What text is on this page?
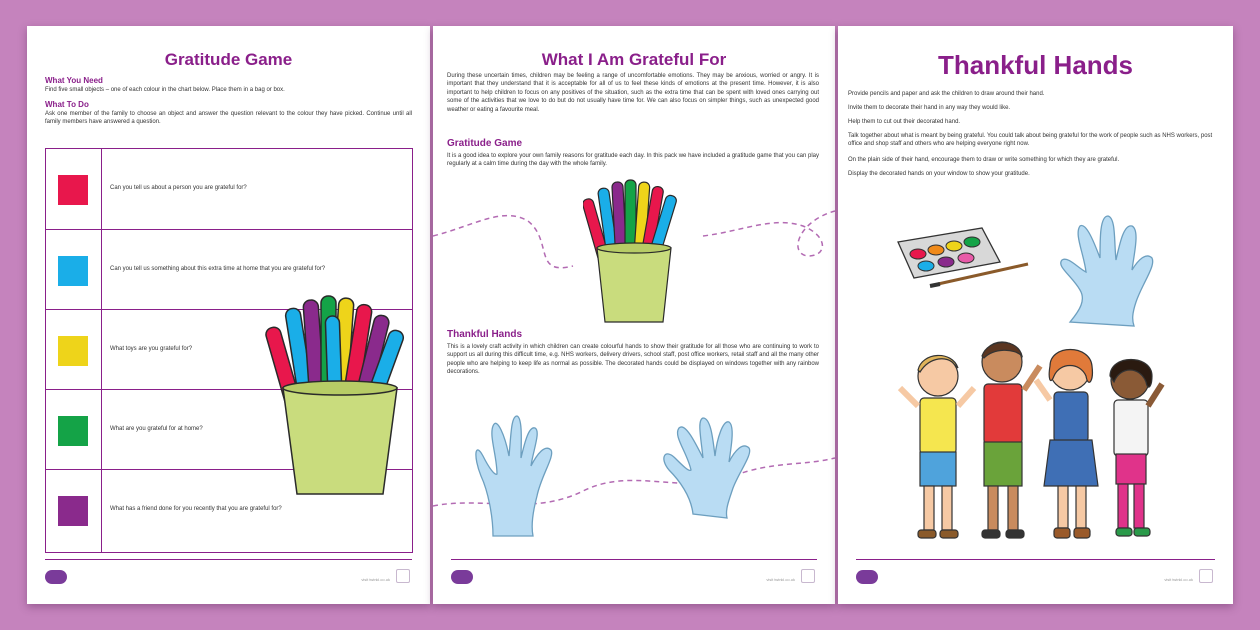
Gratitude Game
What You Need
Find five small objects – one of each colour in the chart below. Place them in a bag or box.
What To Do
Ask one member of the family to choose an object and answer the question relevant to the colour they have picked. Continue until all family members have answered a question.
Can you tell us about a person you are grateful for?
Can you tell us something about this extra time at home that you are grateful for?
What toys are you grateful for?
What are you grateful for at home?
What has a friend done for you recently that you are grateful for?
visit twinkl.co.uk
What I Am Grateful For
During these uncertain times, children may be feeling a range of uncomfortable emotions. They may be anxious, worried or angry. It is important that they understand that it is acceptable for all of us to feel these kinds of emotions at the present time. However, it is also important to help children to focus on any positives of the situation, such as the extra time that can be spent with loved ones carrying out some of the activities that we love to do but do not usually have time for. We can also focus on simpler things, such as unexpected good weather or eating a favourite meal.
Gratitude Game
It is a good idea to explore your own family reasons for gratitude each day. In this pack we have included a gratitude game that you can play regularly at a calm time during the day with the whole family.
Thankful Hands
This is a lovely craft activity in which children can create colourful hands to show their gratitude for all those who are continuing to work to support us all during this difficult time, e.g. NHS workers, delivery drivers, school staff, post office workers, retail staff and all the many other people who are helping to keep life as normal as possible. The decorated hands could be displayed on windows together with any rainbow decorations.
visit twinkl.co.uk
Thankful Hands
Provide pencils and paper and ask the children to draw around their hand.
Invite them to decorate their hand in any way they would like.
Help them to cut out their decorated hand.
Talk together about what is meant by being grateful. You could talk about being grateful for the work of people such as NHS workers, post office and shop staff and others who are helping everyone right now.
On the plain side of their hand, encourage them to draw or write something for which they are grateful.
Display the decorated hands on your window to show your gratitude.
visit twinkl.co.uk
